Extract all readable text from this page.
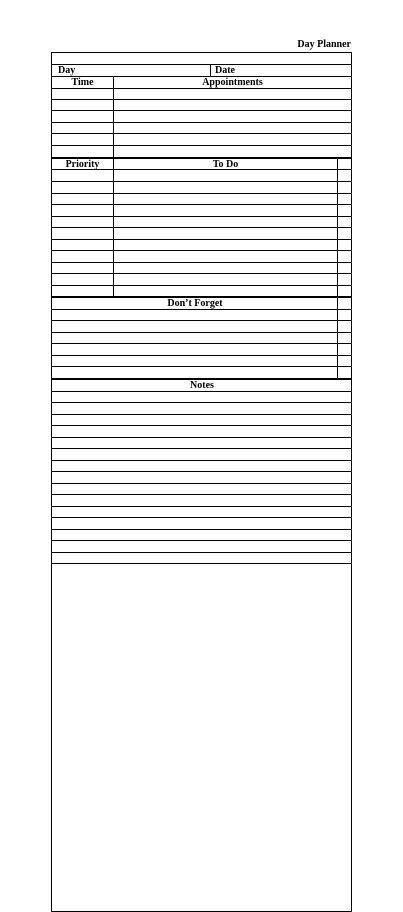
Day Planner
Day	Date
Time	Appointments
Priority	To Do
Don’t Forget
Notes
